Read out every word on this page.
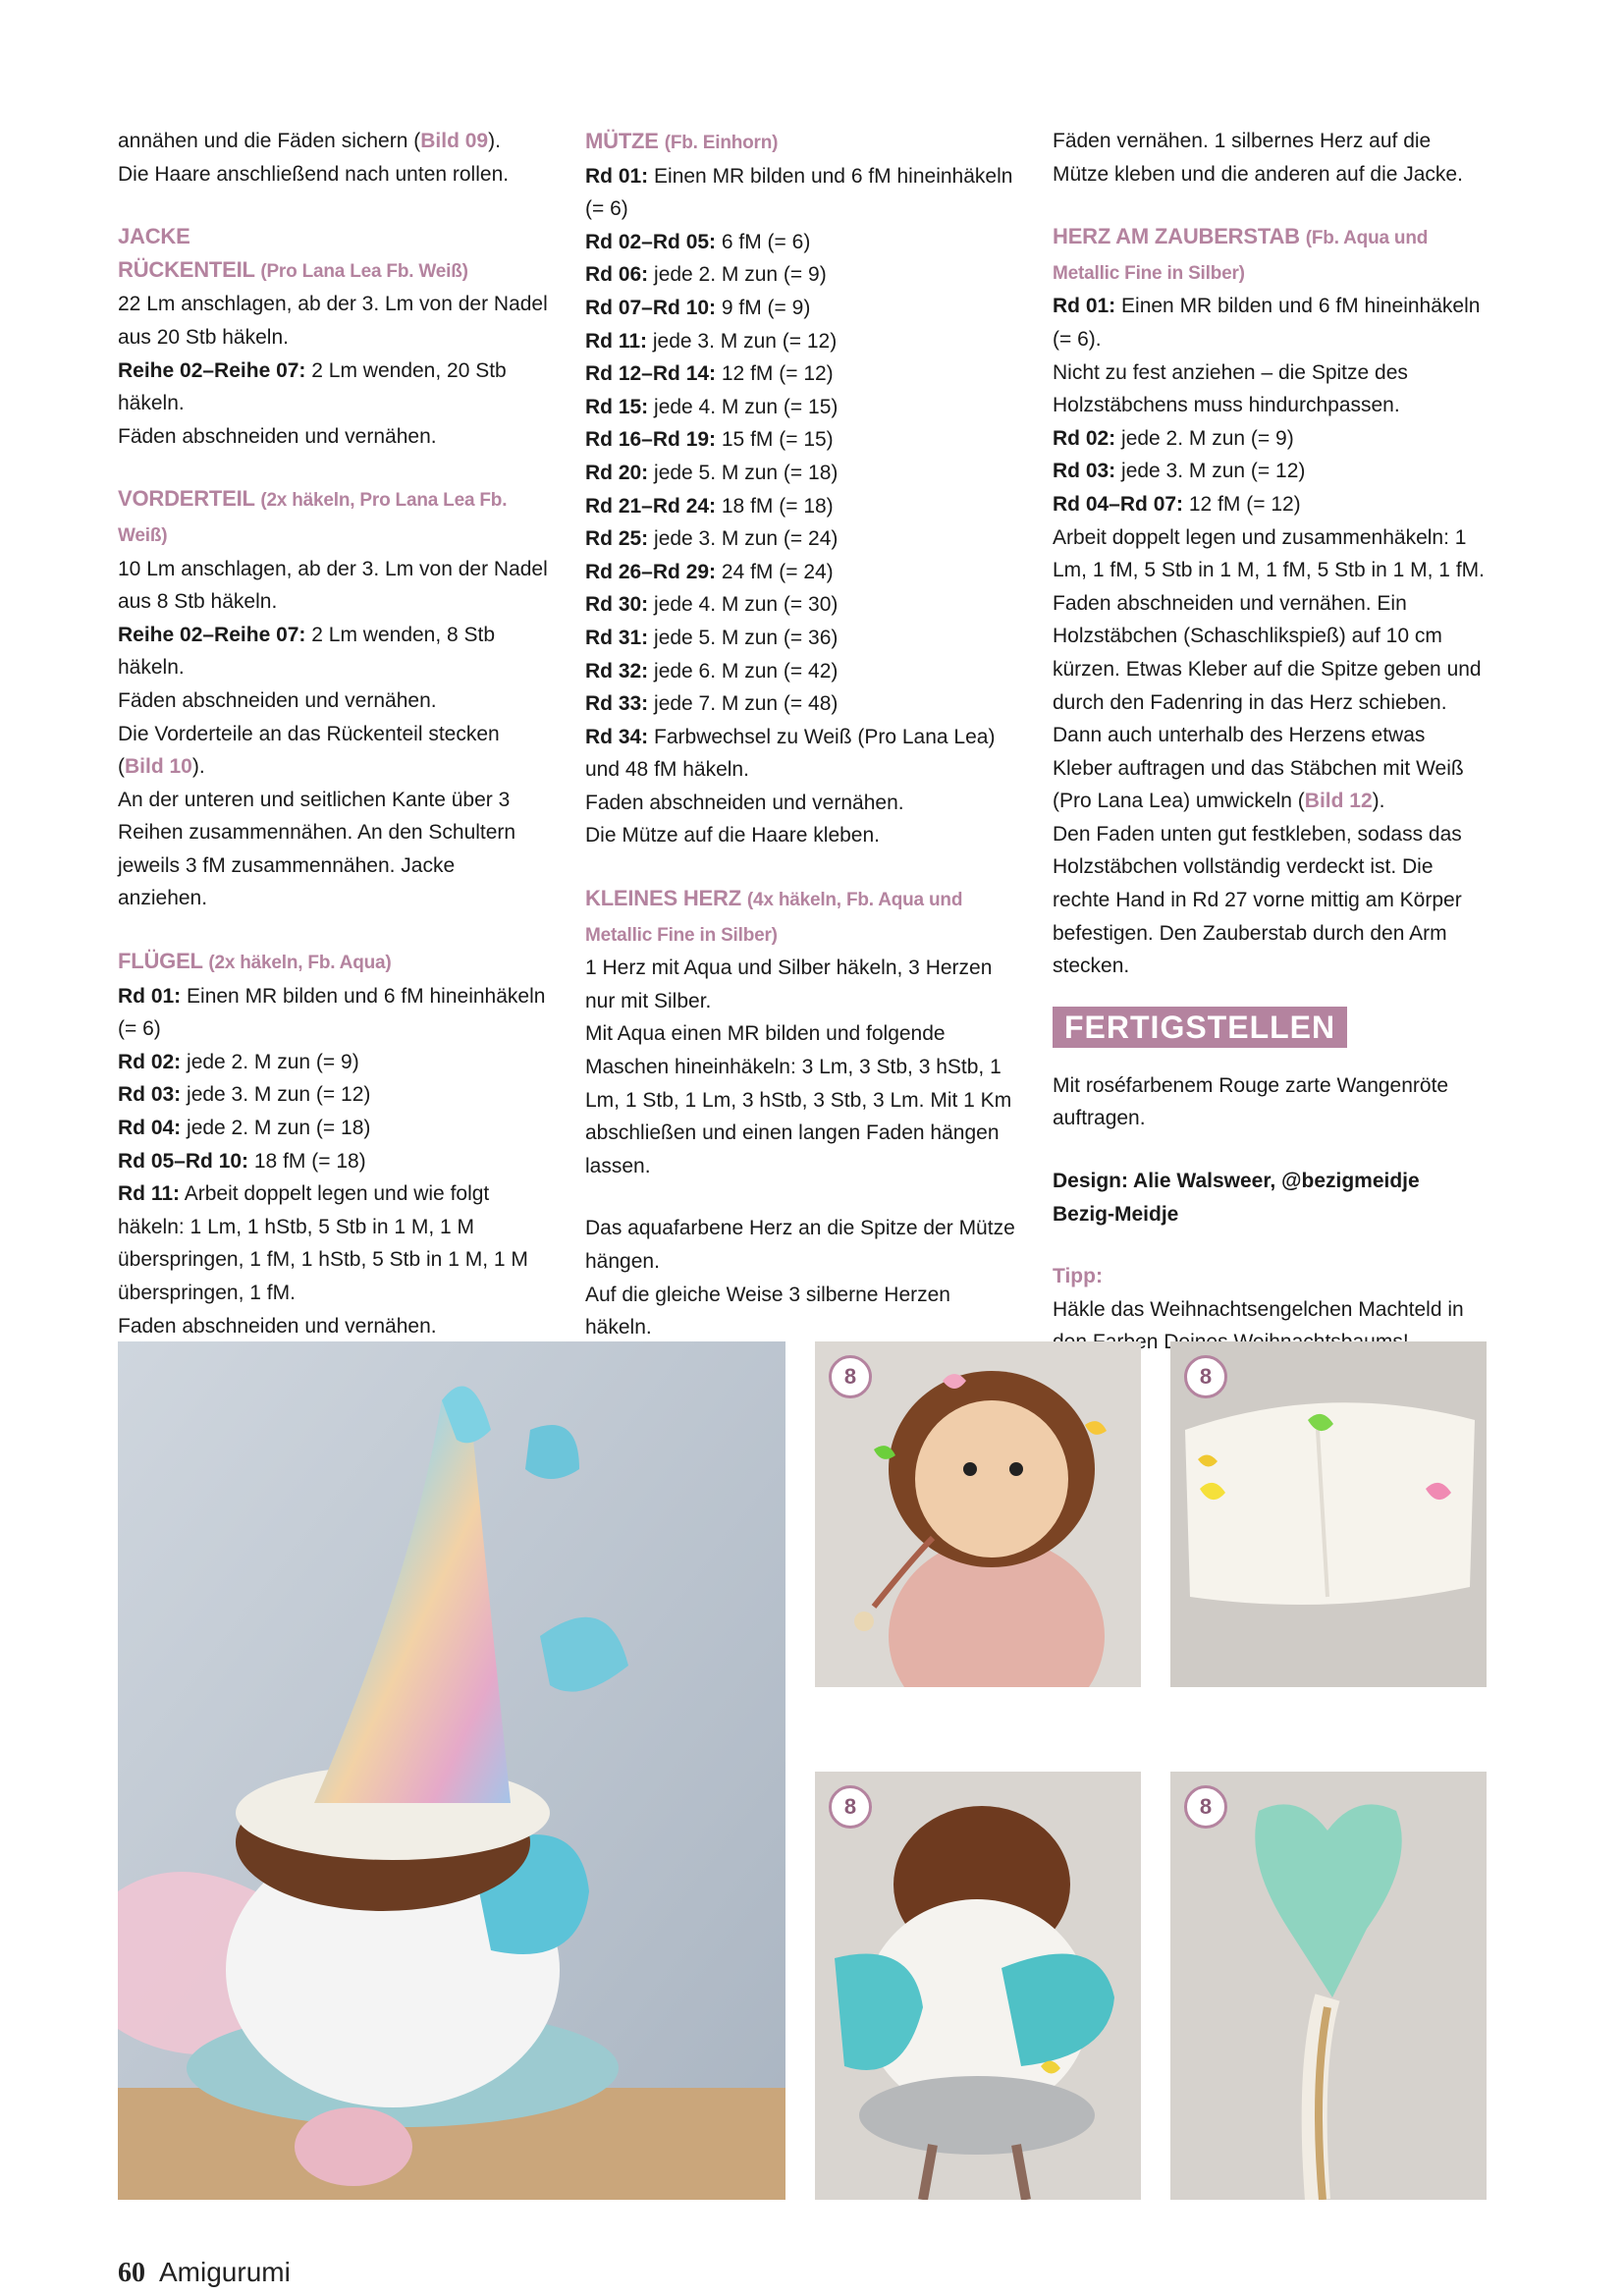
annähen und die Fäden sichern (Bild 09).

Die Haare anschließend nach unten rollen.

JACKE

RÜCKENTEIL (Pro Lana Lea Fb. Weiß)

22 Lm anschlagen, ab der 3. Lm von der Nadel aus 20 Stb häkeln.

Reihe 02–Reihe 07: 2 Lm wenden, 20 Stb häkeln.

Fäden abschneiden und vernähen.

VORDERTEIL (2x häkeln, Pro Lana Lea Fb. Weiß)

10 Lm anschlagen, ab der 3. Lm von der Nadel aus 8 Stb häkeln.

Reihe 02–Reihe 07: 2 Lm wenden, 8 Stb häkeln.

Fäden abschneiden und vernähen.

Die Vorderteile an das Rückenteil stecken (Bild 10).

An der unteren und seitlichen Kante über 3 Reihen zusammennähen. An den Schultern jeweils 3 fM zusammennähen. Jacke anziehen.

FLÜGEL (2x häkeln, Fb. Aqua)

Rd 01: Einen MR bilden und 6 fM hineinhäkeln (= 6)

Rd 02: jede 2. M zun (= 9)

Rd 03: jede 3. M zun (= 12)

Rd 04: jede 2. M zun (= 18)

Rd 05–Rd 10: 18 fM (= 18)

Rd 11: Arbeit doppelt legen und wie folgt häkeln: 1 Lm, 1 hStb, 5 Stb in 1 M, 1 M überspringen, 1 fM, 1 hStb, 5 Stb in 1 M, 1 M überspringen, 1 fM.

Faden abschneiden und vernähen.

MÜTZE (Fb. Einhorn)

Rd 01: Einen MR bilden und 6 fM hineinhäkeln (= 6)

Rd 02–Rd 05: 6 fM (= 6)

Rd 06: jede 2. M zun (= 9)

Rd 07–Rd 10: 9 fM (= 9)

Rd 11: jede 3. M zun (= 12)

Rd 12–Rd 14: 12 fM (= 12)

Rd 15: jede 4. M zun (= 15)

Rd 16–Rd 19: 15 fM (= 15)

Rd 20: jede 5. M zun (= 18)

Rd 21–Rd 24: 18 fM (= 18)

Rd 25: jede 3. M zun (= 24)

Rd 26–Rd 29: 24 fM (= 24)

Rd 30: jede 4. M zun (= 30)

Rd 31: jede 5. M zun (= 36)

Rd 32: jede 6. M zun (= 42)

Rd 33: jede 7. M zun (= 48)

Rd 34: Farbwechsel zu Weiß (Pro Lana Lea) und 48 fM häkeln.

Faden abschneiden und vernähen.

Die Mütze auf die Haare kleben.

KLEINES HERZ (4x häkeln, Fb. Aqua und Metallic Fine in Silber)

1 Herz mit Aqua und Silber häkeln, 3 Herzen nur mit Silber.

Mit Aqua einen MR bilden und folgende Maschen hineinhäkeln: 3 Lm, 3 Stb, 3 hStb, 1 Lm, 1 Stb, 1 Lm, 3 hStb, 3 Stb, 3 Lm. Mit 1 Km abschließen und einen langen Faden hängen lassen.

Das aquafarbene Herz an die Spitze der Mütze hängen.

Auf die gleiche Weise 3 silberne Herzen häkeln.

Fäden vernähen. 1 silbernes Herz auf die Mütze kleben und die anderen auf die Jacke.

HERZ AM ZAUBERSTAB (Fb. Aqua und Metallic Fine in Silber)

Rd 01: Einen MR bilden und 6 fM hineinhäkeln (= 6).

Nicht zu fest anziehen – die Spitze des Holzstäbchens muss hindurchpassen.

Rd 02: jede 2. M zun (= 9)

Rd 03: jede 3. M zun (= 12)

Rd 04–Rd 07: 12 fM (= 12)

Arbeit doppelt legen und zusammenhäkeln: 1 Lm, 1 fM, 5 Stb in 1 M, 1 fM, 5 Stb in 1 M, 1 fM.

Faden abschneiden und vernähen. Ein Holzstäbchen (Schaschlikspieß) auf 10 cm kürzen. Etwas Kleber auf die Spitze geben und durch den Fadenring in das Herz schieben. Dann auch unterhalb des Herzens etwas Kleber auftragen und das Stäbchen mit Weiß (Pro Lana Lea) umwickeln (Bild 12).

Den Faden unten gut festkleben, sodass das Holzstäbchen vollständig verdeckt ist. Die rechte Hand in Rd 27 vorne mittig am Körper befestigen. Den Zauberstab durch den Arm stecken.

FERTIGSTELLEN

Mit roséfarbenem Rouge zarte Wangenröte auftragen.

Design: Alie Walsweer, @bezigmeidje

Bezig-Meidje

Tipp:

Häkle das Weihnachtsengelchen Machteld in

8	8
8	8
60 Amigurumi
